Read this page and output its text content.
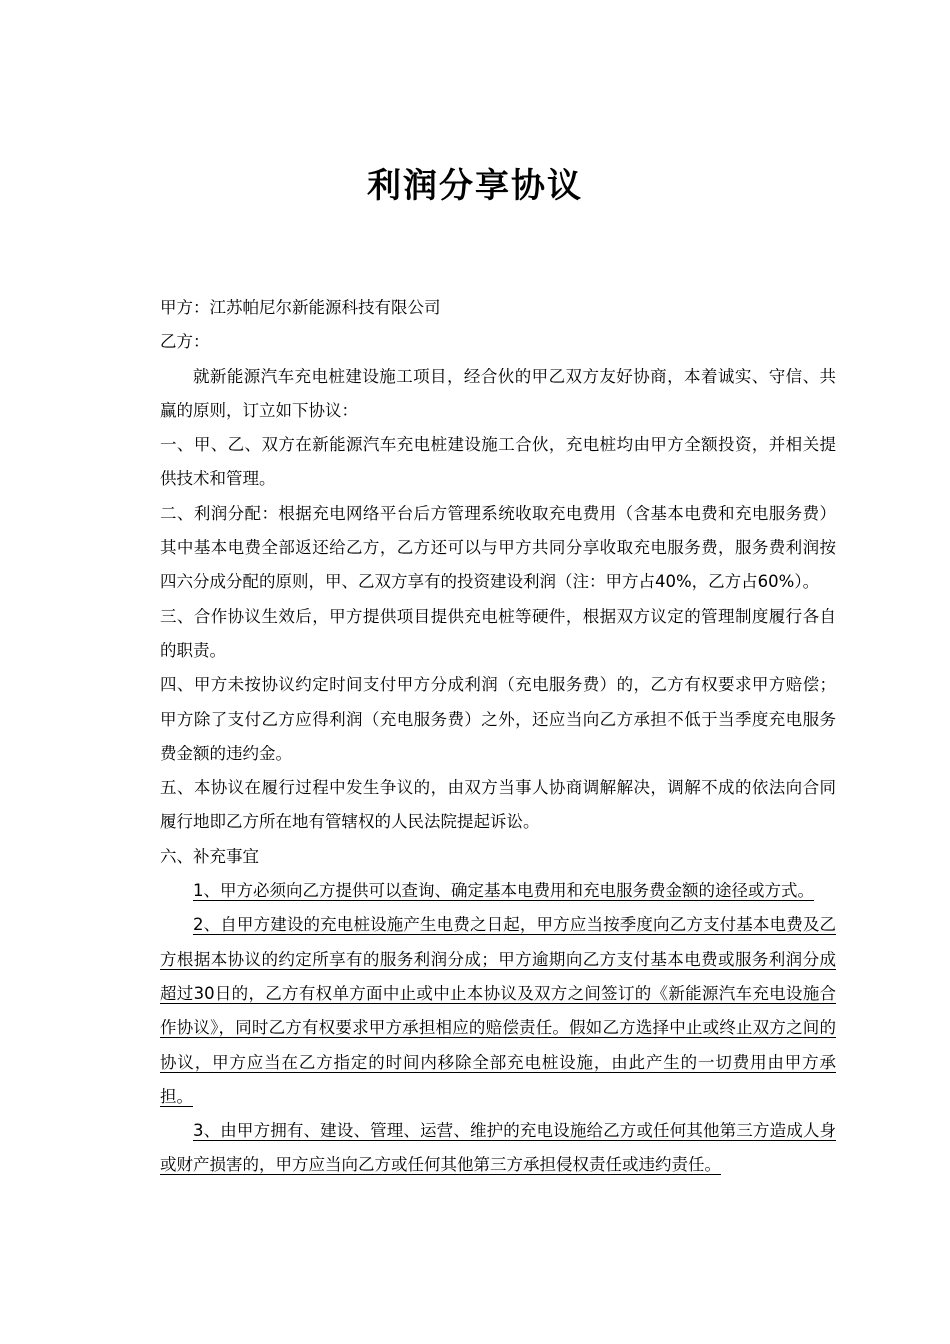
利润分享协议

甲方：江苏帕尼尔新能源科技有限公司

乙方：

就新能源汽车充电桩建设施工项目，经合伙的甲乙双方友好协商，本着诚实、守信、共赢的原则，订立如下协议：

一、甲、乙、双方在新能源汽车充电桩建设施工合伙，充电桩均由甲方全额投资，并相关提供技术和管理。

二、利润分配：根据充电网络平台后方管理系统收取充电费用（含基本电费和充电服务费）其中基本电费全部返还给乙方，乙方还可以与甲方共同分享收取充电服务费，服务费利润按四六分成分配的原则，甲、乙双方享有的投资建设利润（注：甲方占40%，乙方占60%）。

三、合作协议生效后，甲方提供项目提供充电桩等硬件，根据双方议定的管理制度履行各自的职责。

四、甲方未按协议约定时间支付甲方分成利润（充电服务费）的，乙方有权要求甲方赔偿；甲方除了支付乙方应得利润（充电服务费）之外，还应当向乙方承担不低于当季度充电服务费金额的违约金。

五、本协议在履行过程中发生争议的，由双方当事人协商调解解决，调解不成的依法向合同履行地即乙方所在地有管辖权的人民法院提起诉讼。

六、补充事宜

1、甲方必须向乙方提供可以查询、确定基本电费用和充电服务费金额的途径或方式。

2、自甲方建设的充电桩设施产生电费之日起，甲方应当按季度向乙方支付基本电费及乙方根据本协议的约定所享有的服务利润分成；甲方逾期向乙方支付基本电费或服务利润分成超过30日的，乙方有权单方面中止或中止本协议及双方之间签订的《新能源汽车充电设施合作协议》，同时乙方有权要求甲方承担相应的赔偿责任。假如乙方选择中止或终止双方之间的协议，甲方应当在乙方指定的时间内移除全部充电桩设施，由此产生的一切费用由甲方承担。

3、由甲方拥有、建设、管理、运营、维护的充电设施给乙方或任何其他第三方造成人身或财产损害的，甲方应当向乙方或任何其他第三方承担侵权责任或违约责任。
